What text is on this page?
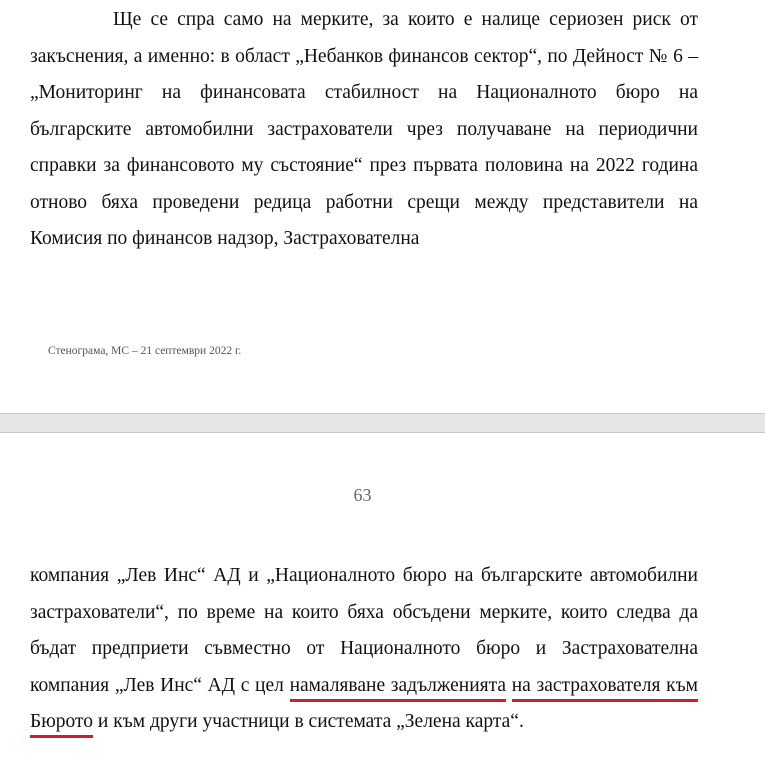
Ще се спра само на мерките, за които е налице сериозен риск от закъснения, а именно: в област „Небанков финансов сектор“, по Дейност № 6 – „Мониторинг на финансовата стабилност на Националното бюро на българските автомобилни застрахователи чрез получаване на периодични справки за финансовото му състояние“ през първата половина на 2022 година отново бяха проведени редица работни срещи между представители на Комисия по финансов надзор, Застрахователна

Стенограма, МС – 21 септември 2022 г.
63

компания „Лев Инс“ АД и „Националното бюро на българските автомобилни застрахователи“, по време на които бяха обсъдени мерките, които следва да бъдат предприети съвместно от Националното бюро и Застрахователна компания „Лев Инс“ АД с цел намаляване задълженията на застрахователя към Бюрото и към други участници в системата „Зелена карта“.
